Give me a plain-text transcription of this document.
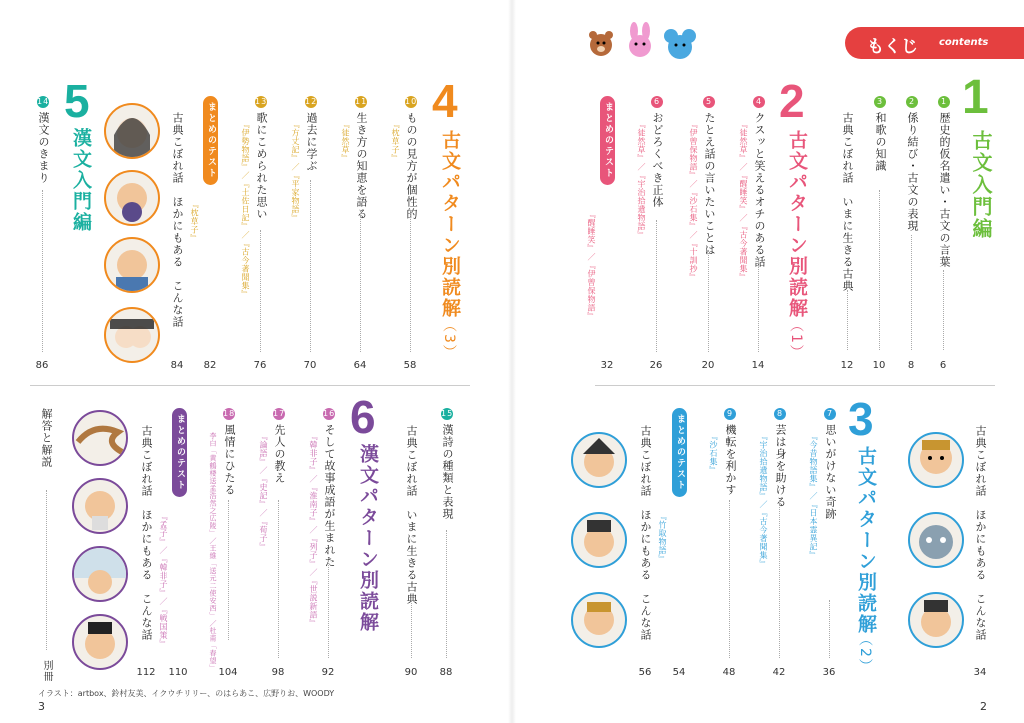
もくじ contents
1
古文入門編
1歴史的仮名遣い・古文の言葉
2係り結び・古文の表現
3和歌の知識
古典こぼれ話　いまに生きる古典
6
8
10
12
2
古文パターン別読解
（1）
4クスッと笑えるオチのある話
『徒然草』／『醒睡笑』／『古今著聞集』
5たとえ話の言いたいことは
『伊曾保物語』／『沙石集』／『十訓抄』
6おどろくべき正体
『徒然草』／『宇治拾遺物語』
まとめのテスト
『醒睡笑』／『伊曾保物語』
14
20
26
32
古典こぼれ話　ほかにもある　こんな話
34
3
古文パターン別読解
（2）
7思いがけない奇跡
『今昔物語集』／『日本霊異記』
8芸は身を助ける
『宇治拾遺物語』／『古今著聞集』
9機転を利かす
『沙石集』
まとめのテスト
『竹取物語』
古典こぼれ話　ほかにもある　こんな話
36
42
48
54
56
4
古文パターン別読解
（3）
10ものの見方が個性的
『枕草子』
11生き方の知恵を語る
『徒然草』
12過去に学ぶ
『方丈記』／『平家物語』
13歌にこめられた思い
『伊勢物語』／『土佐日記』／『古今著聞集』
まとめのテスト
『枕草子』
古典こぼれ話　ほかにもある　こんな話
58
64
70
76
82
84
5
漢文入門編
14漢文のきまり
86
15漢詩の種類と表現
古典こぼれ話　いまに生きる古典
88
90
6
漢文パターン別読解
16そして故事成語が生まれた
『韓非子』／『淮南子』／『列子』／『世説新語』
17先人の教え
『論語』／『史記』／『荀子』
18風情にひたる
李白「黄鶴楼送孟浩然之広陵」／王維「送元二使安西」／杜甫「春望」
まとめのテスト
『孟子』／『韓非子』／『戦国策』
古典こぼれ話　ほかにもある　こんな話
解答と解説
92
98
104
110
112
別冊
イラスト：artbox、鈴村友美、イクウチリリー、のはらあこ、広野りお、WOODY
3	2
